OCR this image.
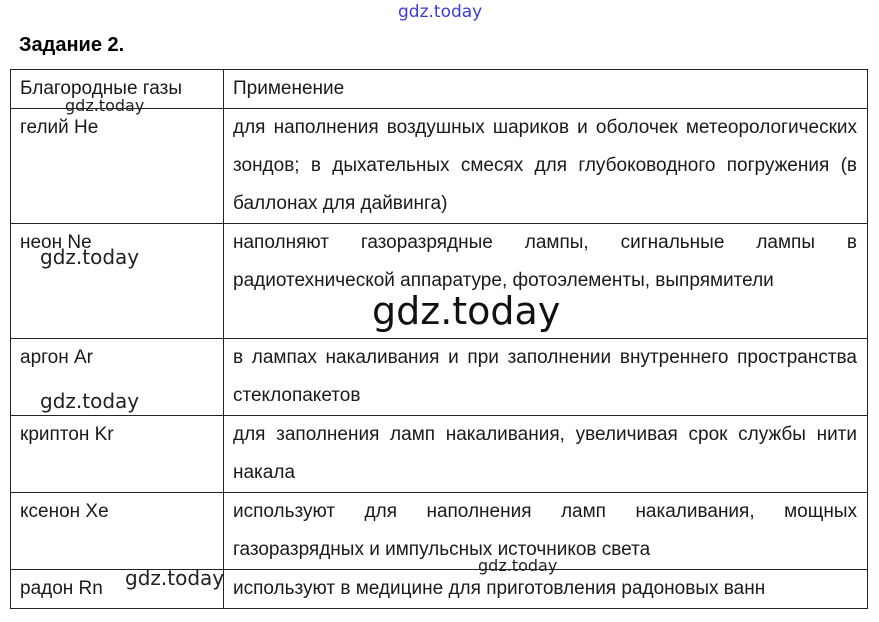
gdz.today
Задание 2.
Благородные газы	Применение
гелий He	для наполнения воздушных шариков и оболочек метеорологических зондов; в дыхательных смесях для глубоководного погружения (в баллонах для дайвинга)
неон Ne	наполняют газоразрядные лампы, сигнальные лампы в радиотехнической аппаратуре, фотоэлементы, выпрямители
аргон Ar	в лампах накаливания и при заполнении внутреннего пространства стеклопакетов
криптон Kr	для заполнения ламп накаливания, увеличивая срок службы нити накала
ксенон Xe	используют для наполнения ламп накаливания, мощных газоразрядных и импульсных источников света
радон Rn	используют в медицине для приготовления радоновых ванн
gdz.today
gdz.today
gdz.today
gdz.today
gdz.today
gdz.today
